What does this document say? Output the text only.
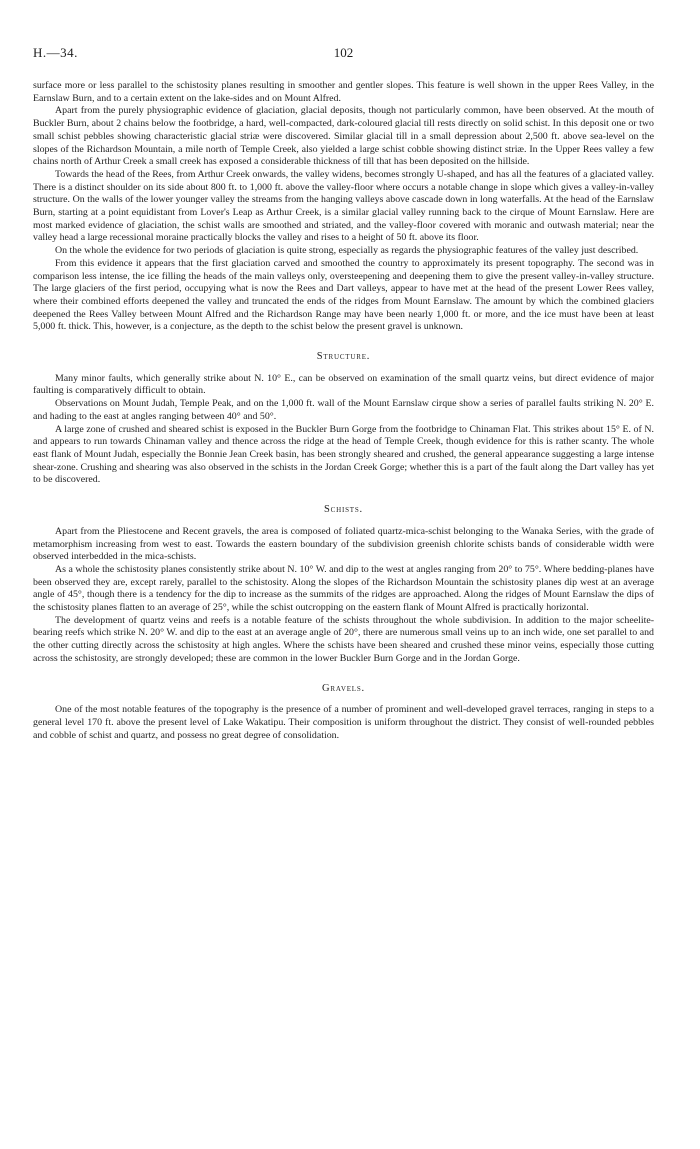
H.—34.	102

surface more or less parallel to the schistosity planes resulting in smoother and gentler slopes. This feature is well shown in the upper Rees Valley, in the Earnslaw Burn, and to a certain extent on the lake-sides and on Mount Alfred.

Apart from the purely physiographic evidence of glaciation, glacial deposits, though not particularly common, have been observed. At the mouth of Buckler Burn, about 2 chains below the footbridge, a hard, well-compacted, dark-coloured glacial till rests directly on solid schist. In this deposit one or two small schist pebbles showing characteristic glacial striæ were discovered. Similar glacial till in a small depression about 2,500 ft. above sea-level on the slopes of the Richardson Mountain, a mile north of Temple Creek, also yielded a large schist cobble showing distinct striæ. In the Upper Rees valley a few chains north of Arthur Creek a small creek has exposed a considerable thickness of till that has been deposited on the hillside.

Towards the head of the Rees, from Arthur Creek onwards, the valley widens, becomes strongly U-shaped, and has all the features of a glaciated valley. There is a distinct shoulder on its side about 800 ft. to 1,000 ft. above the valley-floor where occurs a notable change in slope which gives a valley-in-valley structure. On the walls of the lower younger valley the streams from the hanging valleys above cascade down in long waterfalls. At the head of the Earnslaw Burn, starting at a point equidistant from Lover's Leap as Arthur Creek, is a similar glacial valley running back to the cirque of Mount Earnslaw. Here are most marked evidence of glaciation, the schist walls are smoothed and striated, and the valley-floor covered with moranic and outwash material; near the valley head a large recessional moraine practically blocks the valley and rises to a height of 50 ft. above its floor.

On the whole the evidence for two periods of glaciation is quite strong, especially as regards the physiographic features of the valley just described.

From this evidence it appears that the first glaciation carved and smoothed the country to approximately its present topography. The second was in comparison less intense, the ice filling the heads of the main valleys only, oversteepening and deepening them to give the present valley-in-valley structure. The large glaciers of the first period, occupying what is now the Rees and Dart valleys, appear to have met at the head of the present Lower Rees valley, where their combined efforts deepened the valley and truncated the ends of the ridges from Mount Earnslaw. The amount by which the combined glaciers deepened the Rees Valley between Mount Alfred and the Richardson Range may have been nearly 1,000 ft. or more, and the ice must have been at least 5,000 ft. thick. This, however, is a conjecture, as the depth to the schist below the present gravel is unknown.

Structure.

Many minor faults, which generally strike about N. 10° E., can be observed on examination of the small quartz veins, but direct evidence of major faulting is comparatively difficult to obtain.

Observations on Mount Judah, Temple Peak, and on the 1,000 ft. wall of the Mount Earnslaw cirque show a series of parallel faults striking N. 20° E. and hading to the east at angles ranging between 40° and 50°.

A large zone of crushed and sheared schist is exposed in the Buckler Burn Gorge from the footbridge to Chinaman Flat. This strikes about 15° E. of N. and appears to run towards Chinaman valley and thence across the ridge at the head of Temple Creek, though evidence for this is rather scanty. The whole east flank of Mount Judah, especially the Bonnie Jean Creek basin, has been strongly sheared and crushed, the general appearance suggesting a large intense shear-zone. Crushing and shearing was also observed in the schists in the Jordan Creek Gorge; whether this is a part of the fault along the Dart valley has yet to be discovered.

Schists.

Apart from the Pliestocene and Recent gravels, the area is composed of foliated quartz-mica-schist belonging to the Wanaka Series, with the grade of metamorphism increasing from west to east. Towards the eastern boundary of the subdivision greenish chlorite schists bands of considerable width were observed interbedded in the mica-schists.

As a whole the schistosity planes consistently strike about N. 10° W. and dip to the west at angles ranging from 20° to 75°. Where bedding-planes have been observed they are, except rarely, parallel to the schistosity. Along the slopes of the Richardson Mountain the schistosity planes dip west at an average angle of 45°, though there is a tendency for the dip to increase as the summits of the ridges are approached. Along the ridges of Mount Earnslaw the dips of the schistosity planes flatten to an average of 25°, while the schist outcropping on the eastern flank of Mount Alfred is practically horizontal.

The development of quartz veins and reefs is a notable feature of the schists throughout the whole subdivision. In addition to the major scheelite-bearing reefs which strike N. 20° W. and dip to the east at an average angle of 20°, there are numerous small veins up to an inch wide, one set parallel to and the other cutting directly across the schistosity at high angles. Where the schists have been sheared and crushed these minor veins, especially those cutting across the schistosity, are strongly developed; these are common in the lower Buckler Burn Gorge and in the Jordan Gorge.

Gravels.

One of the most notable features of the topography is the presence of a number of prominent and well-developed gravel terraces, ranging in steps to a general level 170 ft. above the present level of Lake Wakatipu. Their composition is uniform throughout the district. They consist of well-rounded pebbles and cobble of schist and quartz, and possess no great degree of consolidation.
